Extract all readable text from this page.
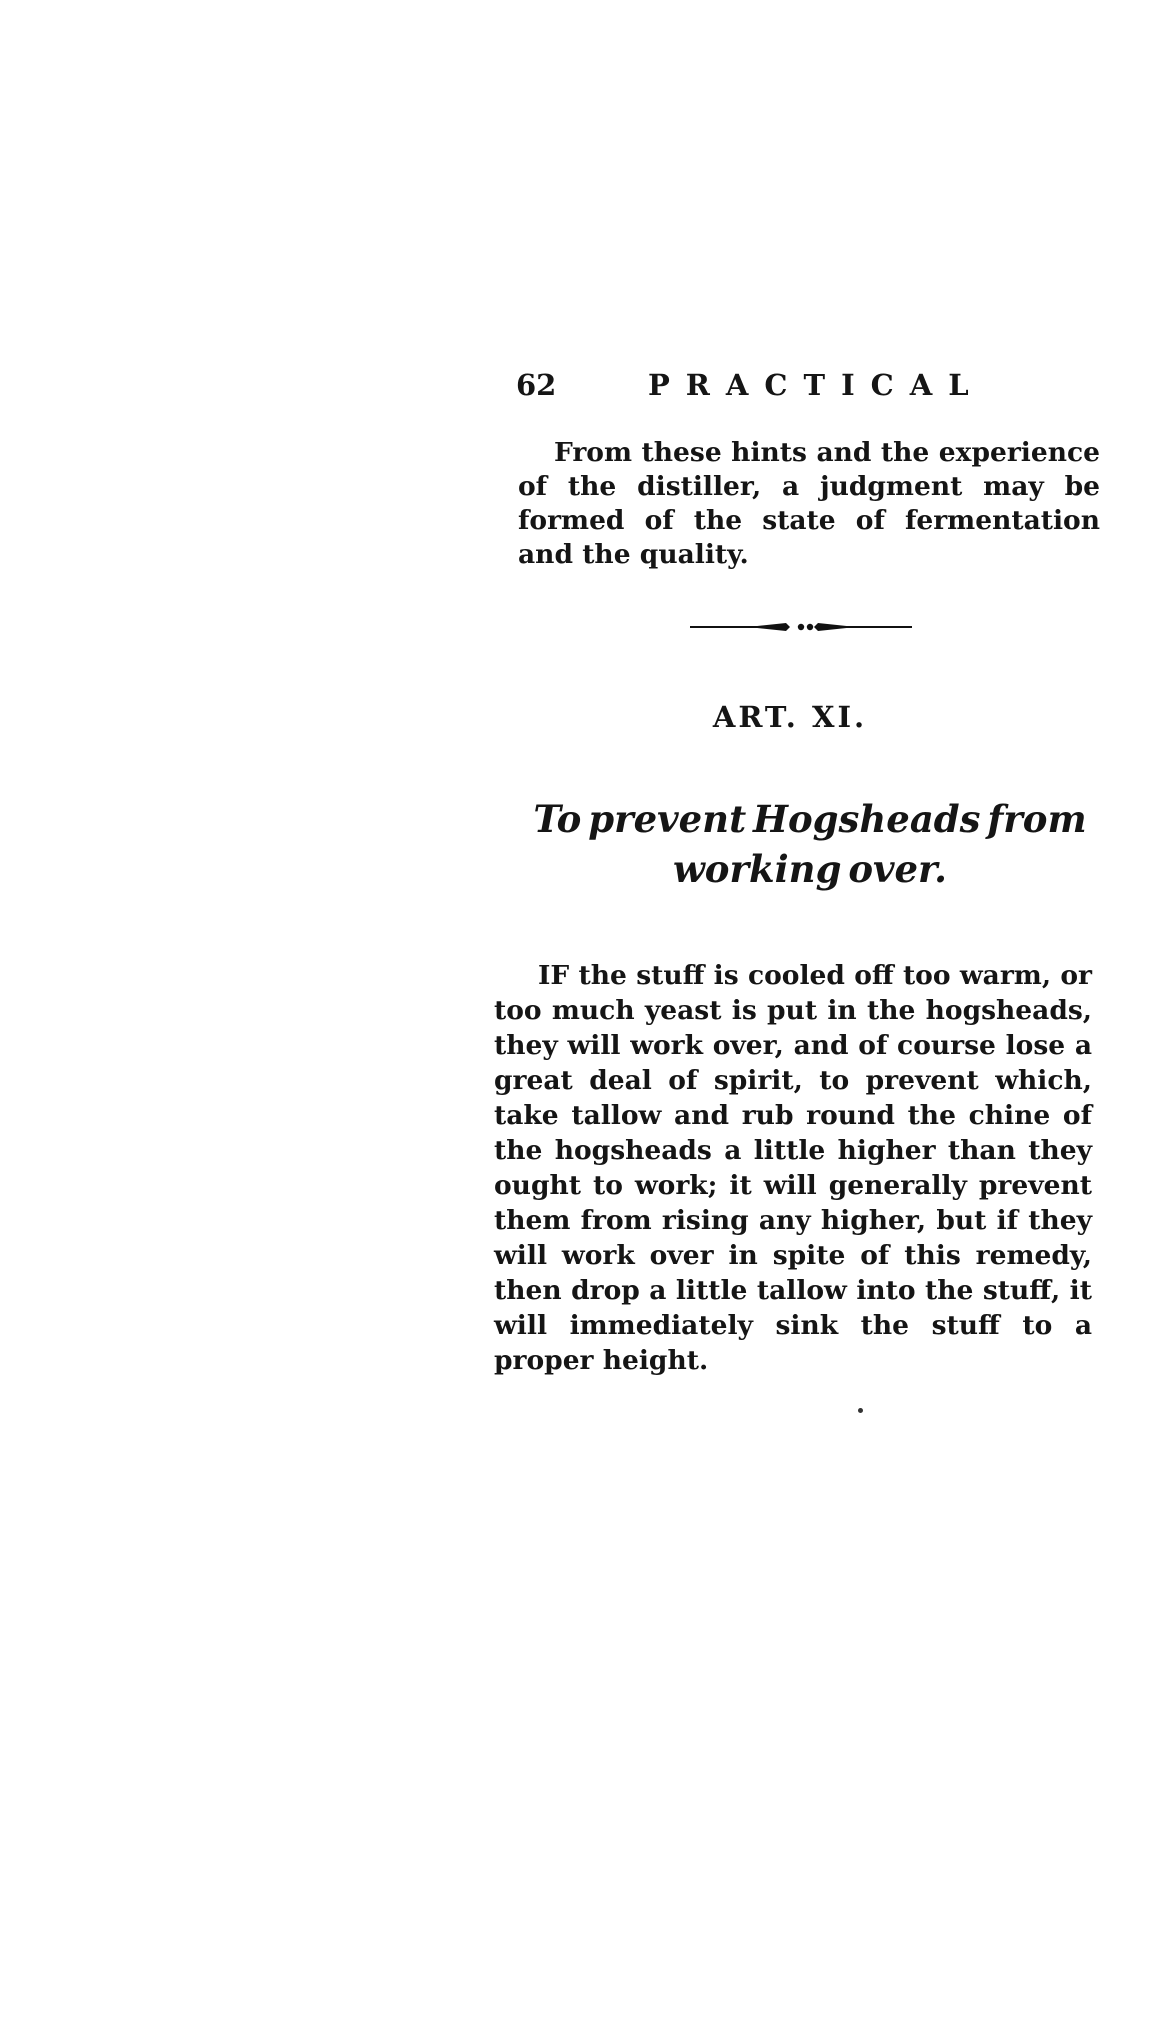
62	PRACTICAL

From these hints and the experience of the distiller, a judgment may be formed of the state of fermentation and the quality.

ART. XI.
To prevent Hogsheads from working over.

IF the stuff is cooled off too warm, or too much yeast is put in the hogsheads, they will work over, and of course lose a great deal of spirit, to prevent which, take tallow and rub round the chine of the hogsheads a little higher than they ought to work; it will generally prevent them from rising any higher, but if they will work over in spite of this remedy, then drop a little tallow into the stuff, it will immediately sink the stuff to a proper height.
